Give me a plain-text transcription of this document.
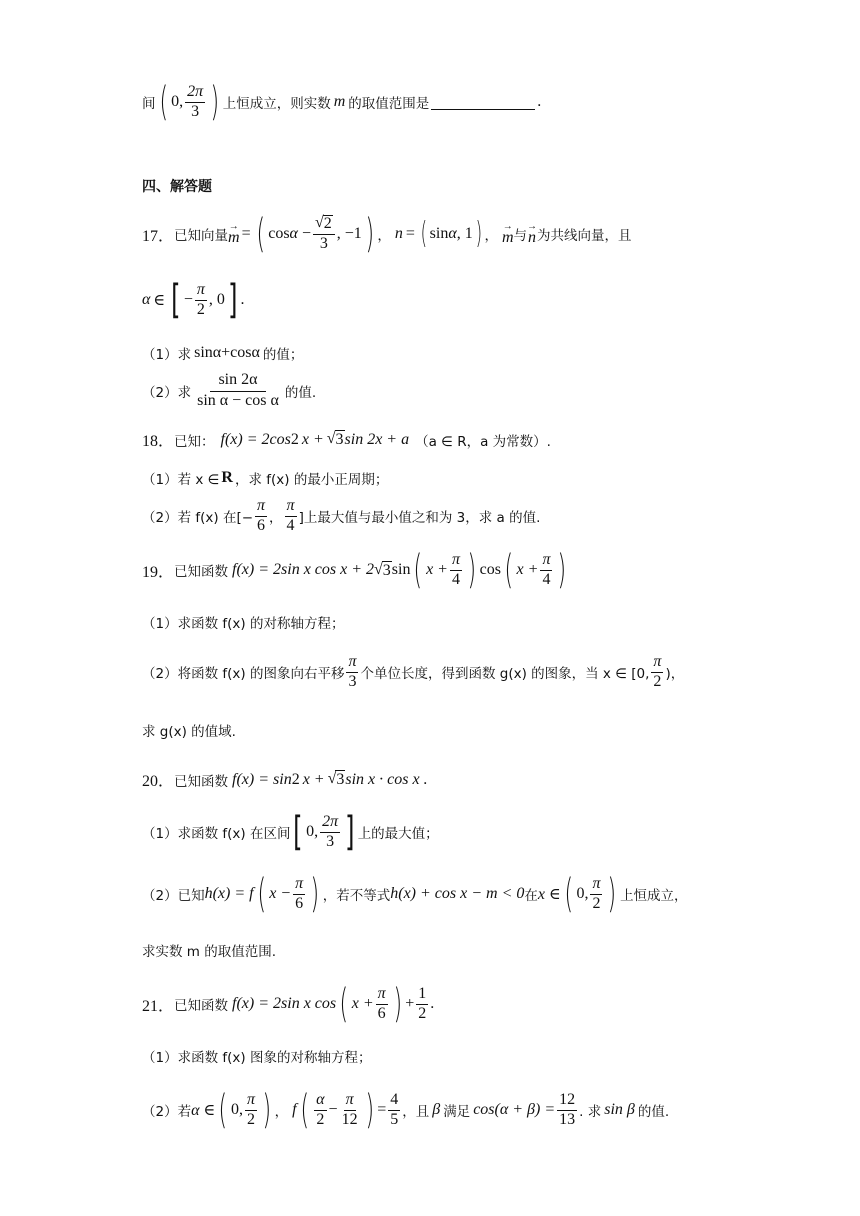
间 ( 0, $\frac{2\pi}{3}$ ) 上恒成立，则实数 m 的取值范围是	.
四、解答题
17． 已知向量
→
m = ( $\cos\alpha - \frac{√ 2}{3}$ , −1 ) ， n = ( sinα, 1 ) ，
→
m 与
→
n 为共线向量，且
α ∈ [ − $\frac{\pi}{2}$ , 0 ] .
（1）求 sinα+cosα 的值；
（2）求 $\frac{\sin 2\alpha}{\text{sin α − cos α}}$ 的值.
18． 已知： f(x) = 2cos 2 x + √ 3 sin 2x + a （a ∈ R，a 为常数）.
（1）若 x ∈ R ，求 f(x) 的最小正周期；
（2）若 f(x) 在[− $\frac{\pi}{6}$ ， $\frac{\pi}{4}$ ]上最大值与最小值之和为 3，求 a 的值.
19． 已知函数 f(x) = 2sin x cos x + 2 √ 3 sin ( $x + \frac{\pi}{4}$ ) cos ( $x + \frac{\pi}{4}$ )
（1）求函数 f(x) 的对称轴方程；
（2）将函数 f(x) 的图象向右平移 $\frac{\pi}{3}$ 个单位长度，得到函数 g(x) 的图象，当 x ∈ [0, $\frac{\pi}{2}$ )，
求 g(x) 的值域.
20． 已知函数 f(x) = sin 2 x + √ 3 sin x · cos x .
（1）求函数 f(x) 在区间 [ 0, $\frac{2\pi}{3}$ ] 上的最大值；
（2）已知 h(x) = f ( $x - \frac{\pi}{6}$ ) ，若不等式 h(x) + cos x − m < 0 在 x ∈ ( 0, $\frac{\pi}{2}$ ) 上恒成立，
求实数 m 的取值范围.
21． 已知函数 f(x) = 2sin x cos ( $x + \frac{\pi}{6}$ ) + $\frac{1}{2}$ .
（1）求函数 f(x) 图象的对称轴方程；
（2）若 α ∈ ( 0, $\frac{\pi}{2}$ ) ， f ( $\frac{\alpha}{2} - \frac{\pi}{12}$ ) = $\frac{4}{5}$ ，且 β 满足 $\cos(\alpha + \beta) = \frac{12}{13}$ . 求 sin β 的值.
